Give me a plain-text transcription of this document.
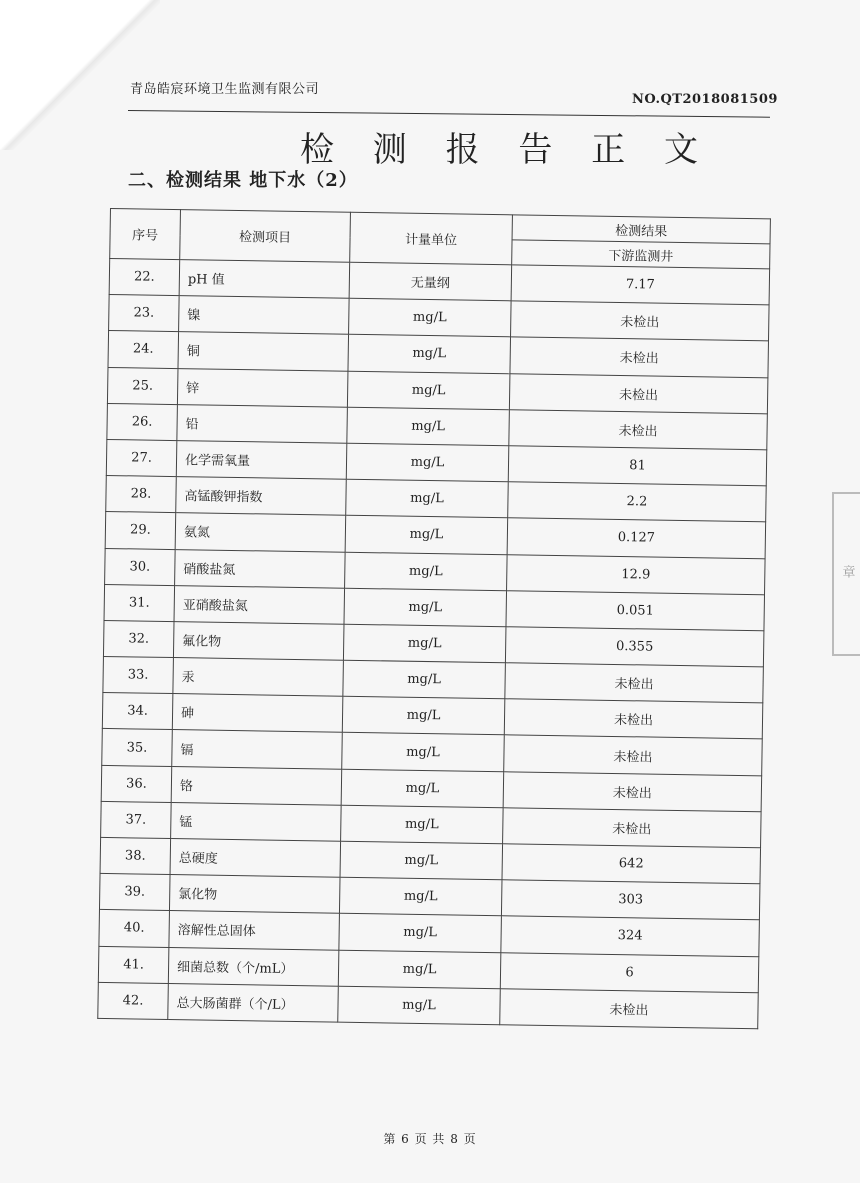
青岛皓宸环境卫生监测有限公司
NO.QT2018081509
检 测 报 告 正 文
二、检测结果 地下水（2）
序号	检测项目	计量单位	检测结果
			下游监测井
22.	pH 值	无量纲	7.17
23.	镍	mg/L	未检出
24.	铜	mg/L	未检出
25.	锌	mg/L	未检出
26.	铅	mg/L	未检出
27.	化学需氧量	mg/L	81
28.	高锰酸钾指数	mg/L	2.2
29.	氨氮	mg/L	0.127
30.	硝酸盐氮	mg/L	12.9
31.	亚硝酸盐氮	mg/L	0.051
32.	氟化物	mg/L	0.355
33.	汞	mg/L	未检出
34.	砷	mg/L	未检出
35.	镉	mg/L	未检出
36.	铬	mg/L	未检出
37.	锰	mg/L	未检出
38.	总硬度	mg/L	642
39.	氯化物	mg/L	303
40.	溶解性总固体	mg/L	324
41.	细菌总数（个/mL）	mg/L	6
42.	总大肠菌群（个/L）	mg/L	未检出
章
第 6 页 共 8 页
